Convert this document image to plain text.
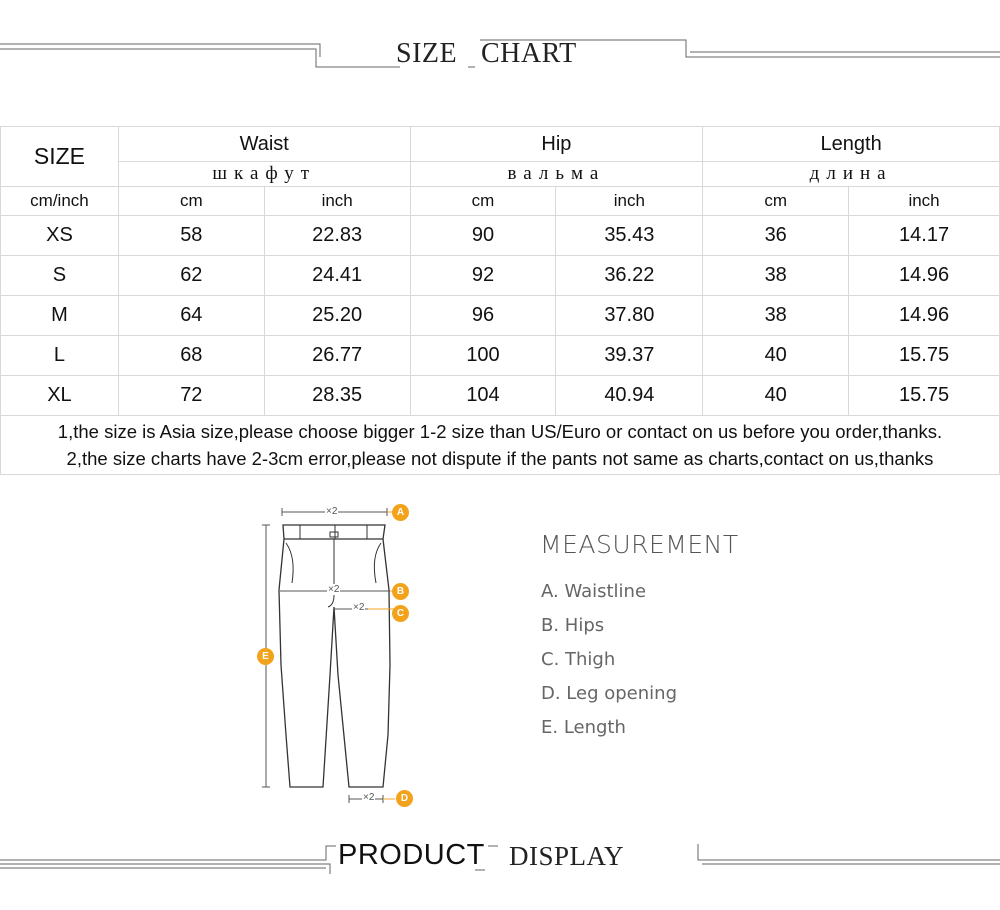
SIZE CHART
SIZE	Waist		Hip		Length	
	шкафут		вальма		длина	
cm/inch	cm	inch	cm	inch	cm	inch
XS	58	22.83	90	35.43	36	14.17
S	62	24.41	92	36.22	38	14.96
M	64	25.20	96	37.80	38	14.96
L	68	26.77	100	39.37	40	15.75
XL	72	28.35	104	40.94	40	15.75

1,the size is Asia size,please choose bigger 1-2 size than US/Euro or contact on us before you order,thanks.
2,the size charts have 2-3cm error,please not dispute if the pants not same as charts,contact on us,thanks						
×2
×2
×2
×2
A
B
C
D
E
MEASUREMENT
A. Waistline
B. Hips
C. Thigh
D. Leg opening
E. Length
PRODUCT DISPLAY
